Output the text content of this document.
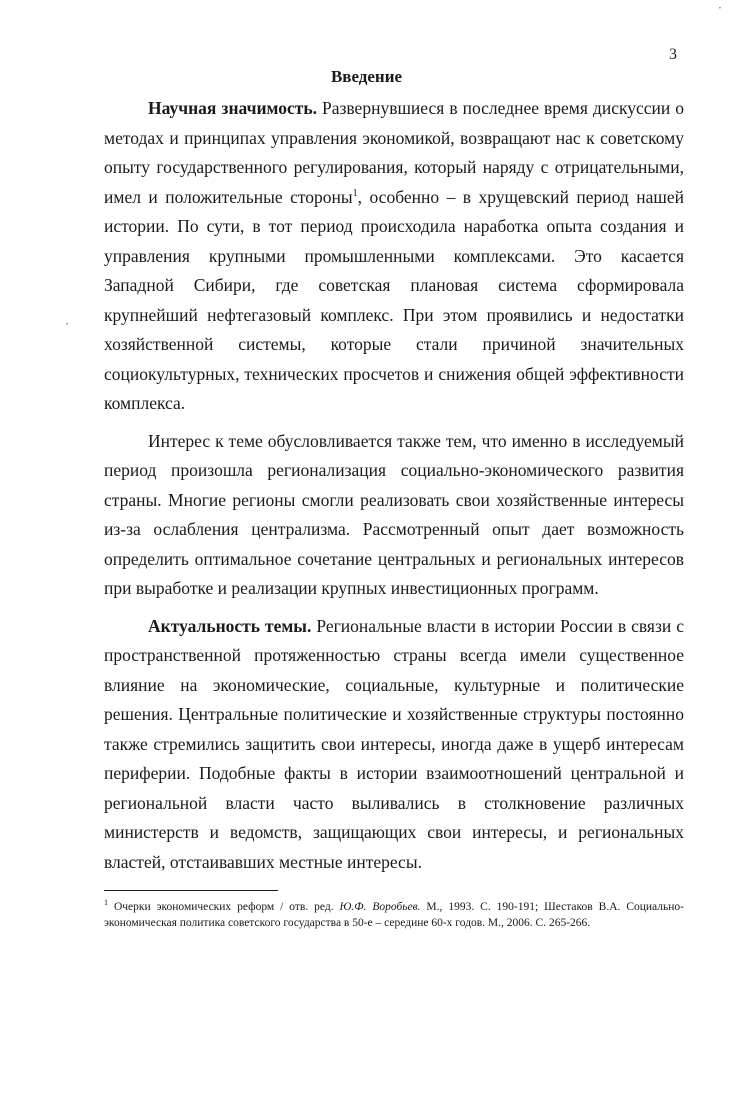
3
Введение

Научная значимость. Развернувшиеся в последнее время дискуссии о методах и принципах управления экономикой, возвращают нас к советскому опыту государственного регулирования, который наряду с отрицательными, имел и положительные стороны$^1$, особенно – в хрущевский период нашей истории. По сути, в тот период происходила наработка опыта создания и управления крупными промышленными комплексами. Это касается Западной Сибири, где советская плановая система сформировала крупнейший нефтегазовый комплекс. При этом проявились и недостатки хозяйственной системы, которые стали причиной значительных социокультурных, технических просчетов и снижения общей эффективности комплекса.

Интерес к теме обусловливается также тем, что именно в исследуемый период произошла регионализация социально-экономического развития страны. Многие регионы смогли реализовать свои хозяйственные интересы из-за ослабления централизма. Рассмотренный опыт дает возможность определить оптимальное сочетание центральных и региональных интересов при выработке и реализации крупных инвестиционных программ.

Актуальность темы. Региональные власти в истории России в связи с пространственной протяженностью страны всегда имели существенное влияние на экономические, социальные, культурные и политические решения. Центральные политические и хозяйственные структуры постоянно также стремились защитить свои интересы, иногда даже в ущерб интересам периферии. Подобные факты в истории взаимоотношений центральной и региональной власти часто выливались в столкновение различных министерств и ведомств, защищающих свои интересы, и региональных властей, отстаивавших местные интересы.

$^1$ Очерки экономических реформ / отв. ред. Ю.Ф. Воробьев. М., 1993. С. 190-191; Шестаков В.А. Социально-экономическая политика советского государства в 50-е – середине 60-х годов. М., 2006. С. 265-266.
•
•
